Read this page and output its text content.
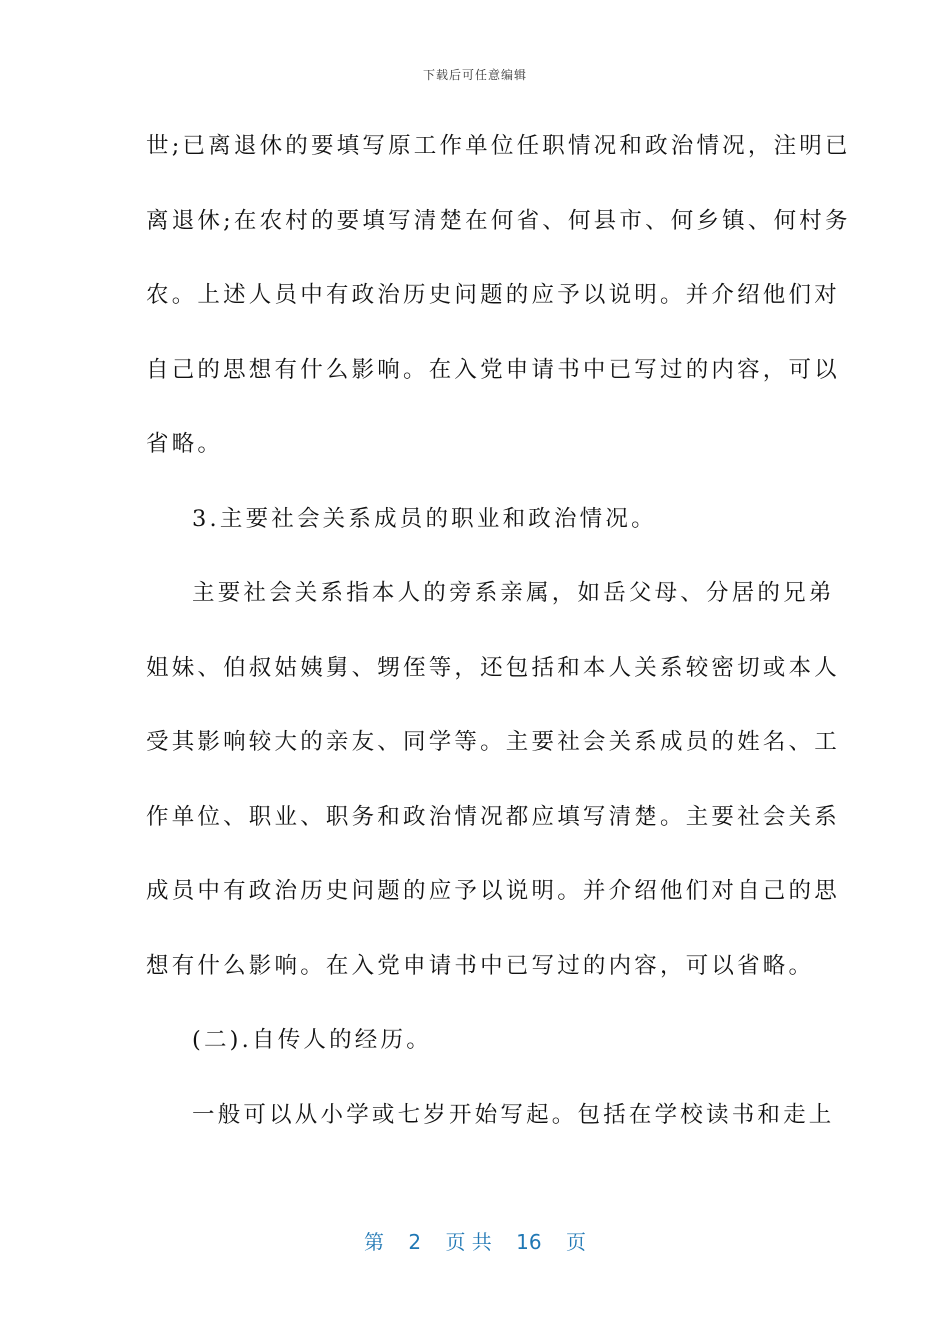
下载后可任意编辑
世;已离退休的要填写原工作单位任职情况和政治情况，注明已
离退休;在农村的要填写清楚在何省、何县市、何乡镇、何村务
农。上述人员中有政治历史问题的应予以说明。并介绍他们对
自己的思想有什么影响。在入党申请书中已写过的内容，可以
省略。
3.主要社会关系成员的职业和政治情况。
主要社会关系指本人的旁系亲属，如岳父母、分居的兄弟
姐妹、伯叔姑姨舅、甥侄等，还包括和本人关系较密切或本人
受其影响较大的亲友、同学等。主要社会关系成员的姓名、工
作单位、职业、职务和政治情况都应填写清楚。主要社会关系
成员中有政治历史问题的应予以说明。并介绍他们对自己的思
想有什么影响。在入党申请书中已写过的内容，可以省略。
(二).自传人的经历。
一般可以从小学或七岁开始写起。包括在学校读书和走上
第 2 页 共 16 页
